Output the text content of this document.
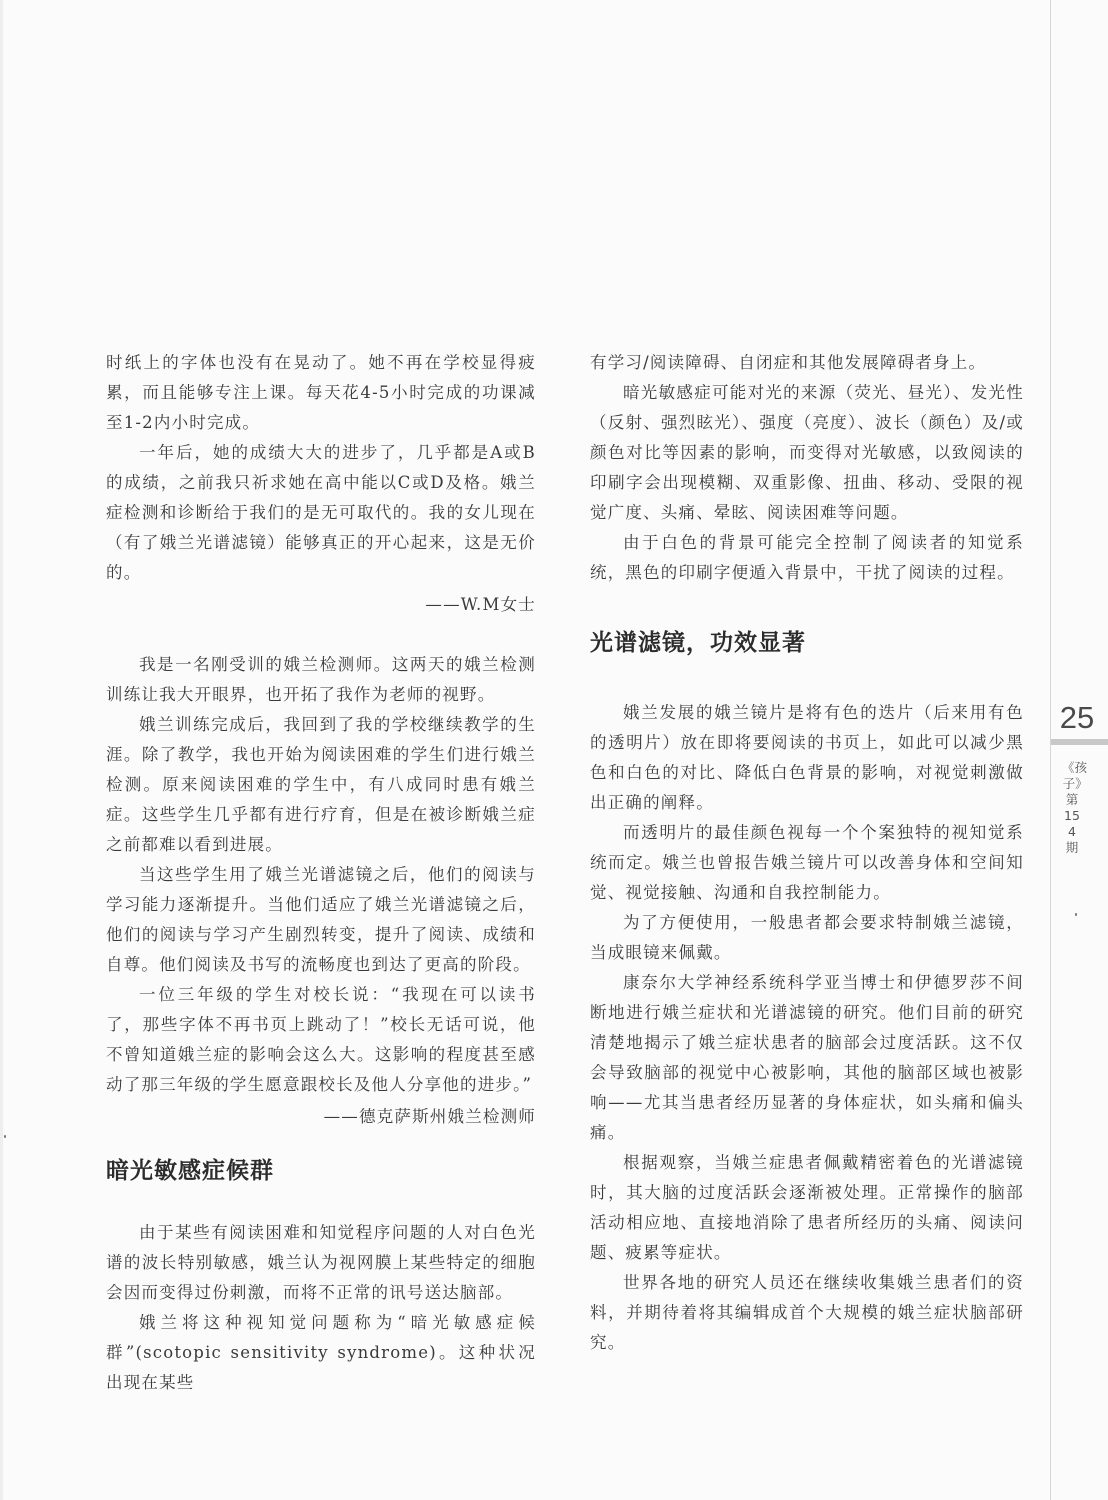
时纸上的字体也没有在晃动了。她不再在学校显得疲累，而且能够专注上课。每天花4-5小时完成的功课减至1-2内小时完成。

一年后，她的成绩大大的进步了，几乎都是A或B的成绩，之前我只祈求她在高中能以C或D及格。娥兰症检测和诊断给于我们的是无可取代的。我的女儿现在（有了娥兰光谱滤镜）能够真正的开心起来，这是无价的。

——W.M女士

我是一名刚受训的娥兰检测师。这两天的娥兰检测训练让我大开眼界，也开拓了我作为老师的视野。

娥兰训练完成后，我回到了我的学校继续教学的生涯。除了教学，我也开始为阅读困难的学生们进行娥兰检测。原来阅读困难的学生中，有八成同时患有娥兰症。这些学生几乎都有进行疗育，但是在被诊断娥兰症之前都难以看到进展。

当这些学生用了娥兰光谱滤镜之后，他们的阅读与学习能力逐渐提升。当他们适应了娥兰光谱滤镜之后，他们的阅读与学习产生剧烈转变，提升了阅读、成绩和自尊。他们阅读及书写的流畅度也到达了更高的阶段。

一位三年级的学生对校长说：“我现在可以读书了，那些字体不再书页上跳动了！”校长无话可说，他不曾知道娥兰症的影响会这么大。这影响的程度甚至感动了那三年级的学生愿意跟校长及他人分享他的进步。”

——德克萨斯州娥兰检测师

暗光敏感症候群

由于某些有阅读困难和知觉程序问题的人对白色光谱的波长特别敏感，娥兰认为视网膜上某些特定的细胞会因而变得过份刺激，而将不正常的讯号送达脑部。

娥兰将这种视知觉问题称为“暗光敏感症候群”(scotopic sensitivity syndrome)。这种状况出现在某些

有学习/阅读障碍、自闭症和其他发展障碍者身上。

暗光敏感症可能对光的来源（荧光、昼光）、发光性（反射、强烈眩光）、强度（亮度）、波长（颜色）及/或颜色对比等因素的影响，而变得对光敏感，以致阅读的印刷字会出现模糊、双重影像、扭曲、移动、受限的视觉广度、头痛、晕眩、阅读困难等问题。

由于白色的背景可能完全控制了阅读者的知觉系统，黑色的印刷字便遁入背景中，干扰了阅读的过程。

光谱滤镜，功效显著

娥兰发展的娥兰镜片是将有色的迭片（后来用有色的透明片）放在即将要阅读的书页上，如此可以减少黑色和白色的对比、降低白色背景的影响，对视觉刺激做出正确的阐释。

而透明片的最佳颜色视每一个个案独特的视知觉系统而定。娥兰也曾报告娥兰镜片可以改善身体和空间知觉、视觉接触、沟通和自我控制能力。

为了方便使用，一般患者都会要求特制娥兰滤镜，当成眼镜来佩戴。

康奈尔大学神经系统科学亚当博士和伊德罗莎不间断地进行娥兰症状和光谱滤镜的研究。他们目前的研究清楚地揭示了娥兰症状患者的脑部会过度活跃。这不仅会导致脑部的视觉中心被影响，其他的脑部区域也被影响——尤其当患者经历显著的身体症状，如头痛和偏头痛。

根据观察，当娥兰症患者佩戴精密着色的光谱滤镜时，其大脑的过度活跃会逐渐被处理。正常操作的脑部活动相应地、直接地消除了患者所经历的头痛、阅读问题、疲累等症状。

世界各地的研究人员还在继续收集娥兰患者们的资料，并期待着将其编辑成首个大规模的娥兰症状脑部研究。

25
《孩子》第154期
